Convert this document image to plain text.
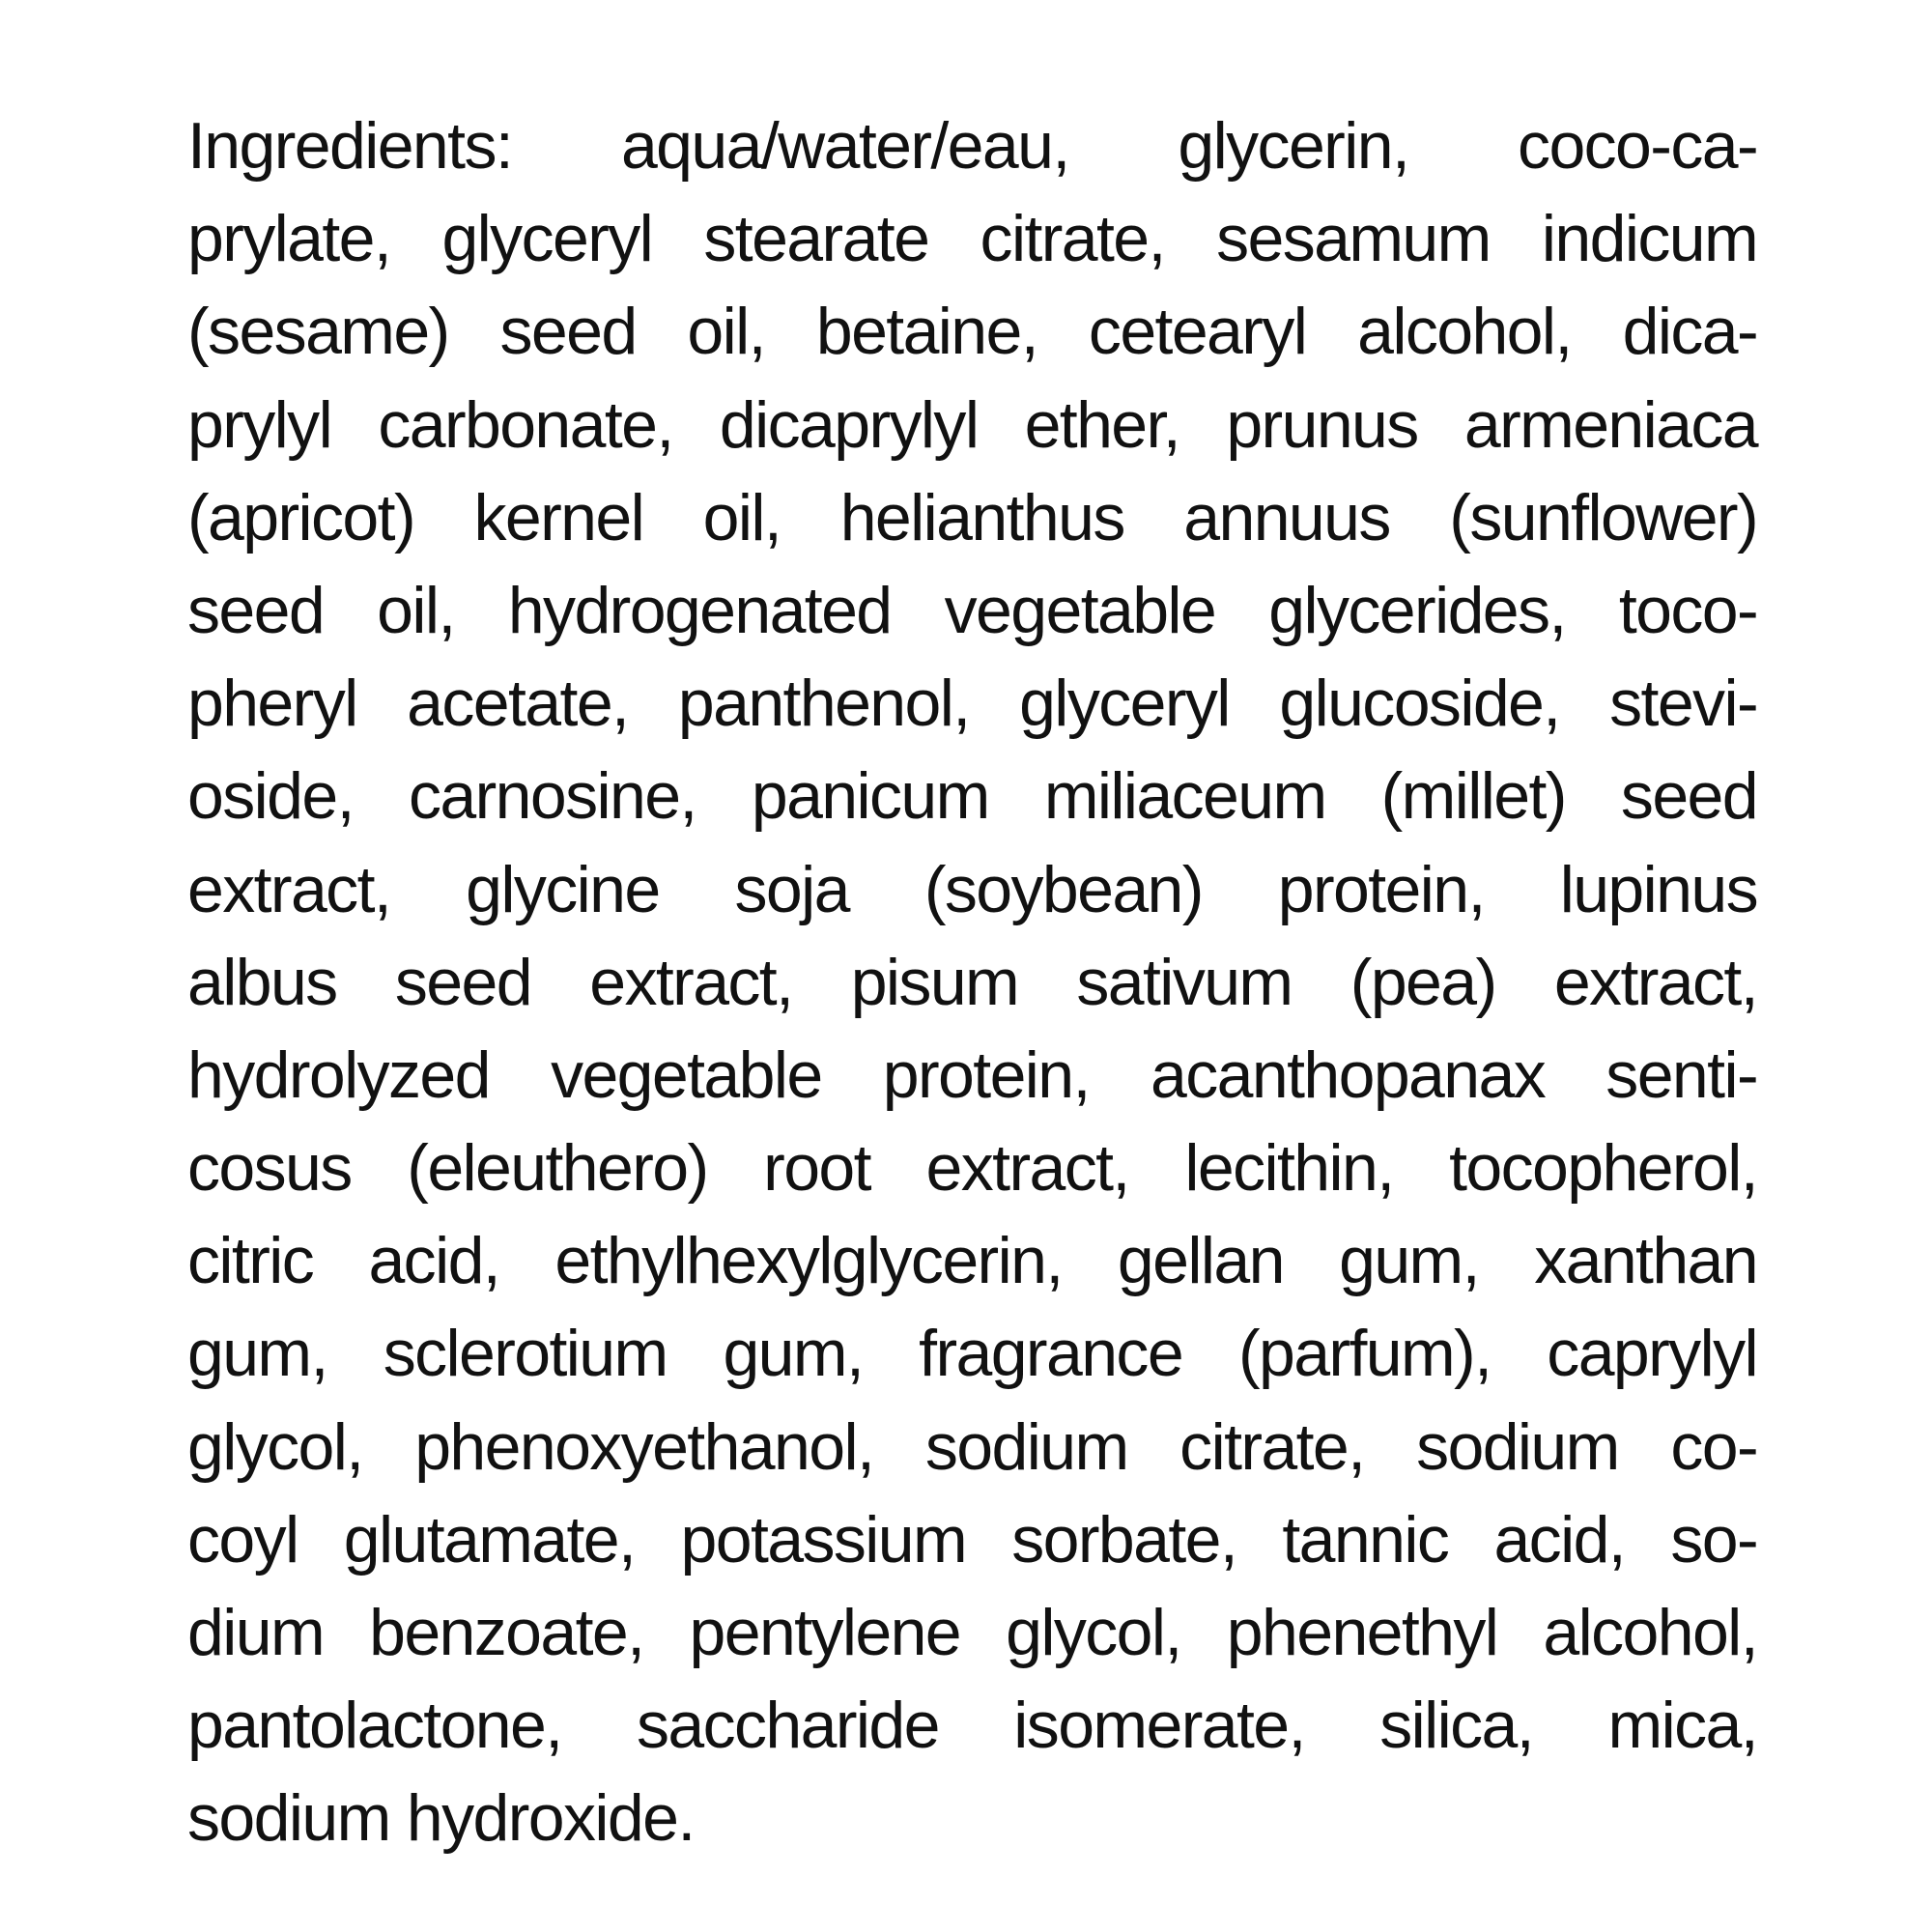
Ingredients: aqua/water/eau, glycerin, coco-ca-
prylate, glyceryl stearate citrate, sesamum indicum
(sesame) seed oil, betaine, cetearyl alcohol, dica-
prylyl carbonate, dicaprylyl ether, prunus armeniaca
(apricot) kernel oil, helianthus annuus (sunflower)
seed oil, hydrogenated vegetable glycerides, toco-
pheryl acetate, panthenol, glyceryl glucoside, stevi-
oside, carnosine, panicum miliaceum (millet) seed
extract, glycine soja (soybean) protein, lupinus
albus seed extract, pisum sativum (pea) extract,
hydrolyzed vegetable protein, acanthopanax senti-
cosus (eleuthero) root extract, lecithin, tocopherol,
citric acid, ethylhexylglycerin, gellan gum, xanthan
gum, sclerotium gum, fragrance (parfum), caprylyl
glycol, phenoxyethanol, sodium citrate, sodium co-
coyl glutamate, potassium sorbate, tannic acid, so-
dium benzoate, pentylene glycol, phenethyl alcohol,
pantolactone, saccharide isomerate, silica, mica,
sodium hydroxide.
